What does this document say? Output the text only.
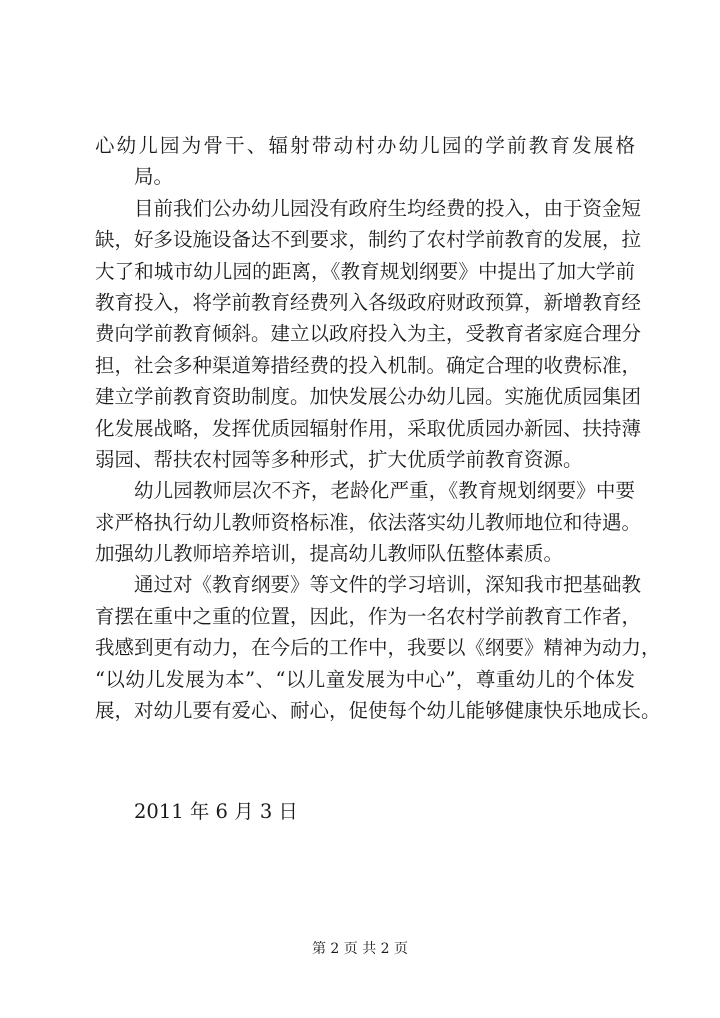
心幼儿园为骨干、辐射带动村办幼儿园的学前教育发展格
局。
目前我们公办幼儿园没有政府生均经费的投入，由于资金短
缺，好多设施设备达不到要求，制约了农村学前教育的发展，拉
大了和城市幼儿园的距离，《教育规划纲要》中提出了加大学前
教育投入，将学前教育经费列入各级政府财政预算，新增教育经
费向学前教育倾斜。建立以政府投入为主，受教育者家庭合理分
担，社会多种渠道筹措经费的投入机制。确定合理的收费标准，
建立学前教育资助制度。加快发展公办幼儿园。实施优质园集团
化发展战略，发挥优质园辐射作用，采取优质园办新园、扶持薄
弱园、帮扶农村园等多种形式，扩大优质学前教育资源。
幼儿园教师层次不齐，老龄化严重，《教育规划纲要》中要
求严格执行幼儿教师资格标准，依法落实幼儿教师地位和待遇。
加强幼儿教师培养培训，提高幼儿教师队伍整体素质。
通过对《教育纲要》等文件的学习培训，深知我市把基础教
育摆在重中之重的位置，因此，作为一名农村学前教育工作者，
我感到更有动力，在今后的工作中，我要以《纲要》精神为动力，
“以幼儿发展为本”、“以儿童发展为中心”，尊重幼儿的个体发
展，对幼儿要有爱心、耐心，促使每个幼儿能够健康快乐地成长。
2011 年 6 月 3 日
第 2 页 共 2 页
